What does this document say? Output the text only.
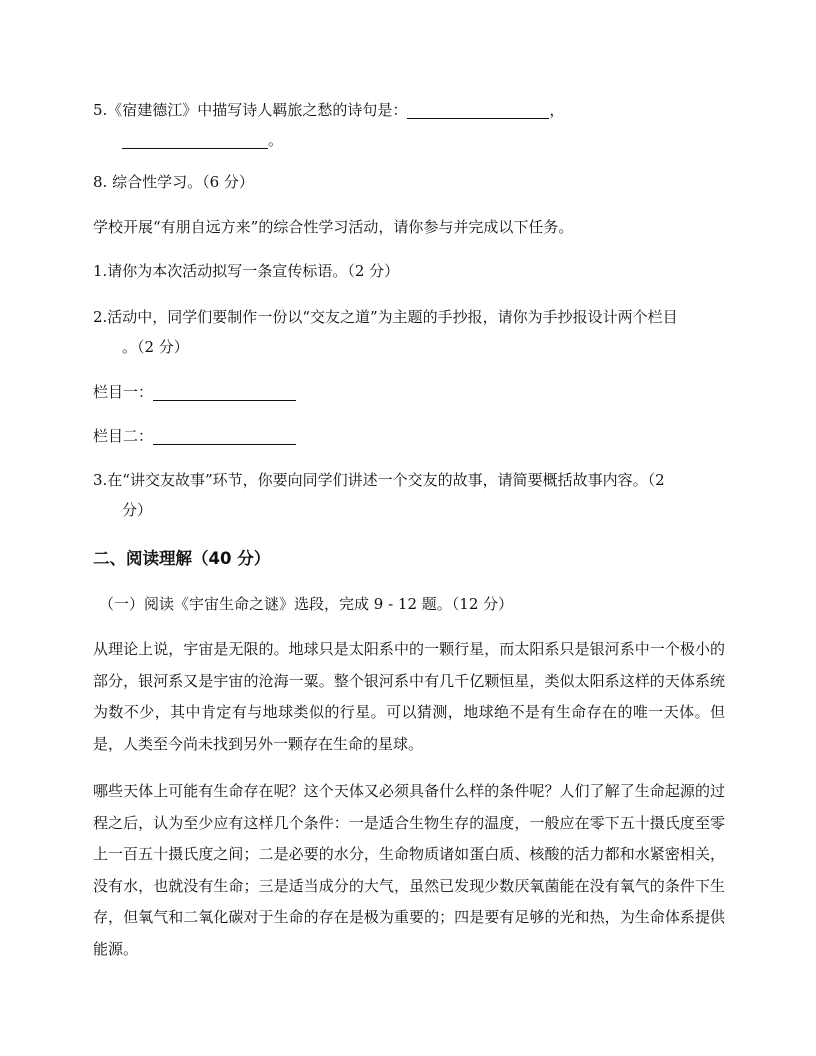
5.《宿建德江》中描写诗人羁旅之愁的诗句是：	，
。
8. 综合性学习。（6 分）
学校开展“有朋自远方来”的综合性学习活动，请你参与并完成以下任务。
1.请你为本次活动拟写一条宣传标语。（2 分）
2.活动中，同学们要制作一份以“交友之道”为主题的手抄报，请你为手抄报设计两个栏目
。（2 分）
栏目一：
栏目二：
3.在“讲交友故事”环节，你要向同学们讲述一个交友的故事，请简要概括故事内容。（2
分）
二、阅读理解（40 分）
（一）阅读《宇宙生命之谜》选段，完成 9 - 12 题。（12 分）
从理论上说，宇宙是无限的。地球只是太阳系中的一颗行星，而太阳系只是银河系中一个极小的部分，银河系又是宇宙的沧海一粟。整个银河系中有几千亿颗恒星，类似太阳系这样的天体系统为数不少，其中肯定有与地球类似的行星。可以猜测，地球绝不是有生命存在的唯一天体。但是，人类至今尚未找到另外一颗存在生命的星球。
哪些天体上可能有生命存在呢？这个天体又必须具备什么样的条件呢？人们了解了生命起源的过程之后，认为至少应有这样几个条件：一是适合生物生存的温度，一般应在零下五十摄氏度至零上一百五十摄氏度之间；二是必要的水分，生命物质诸如蛋白质、核酸的活力都和水紧密相关，没有水，也就没有生命；三是适当成分的大气，虽然已发现少数厌氧菌能在没有氧气的条件下生存，但氧气和二氧化碳对于生命的存在是极为重要的；四是要有足够的光和热，为生命体系提供能源。
